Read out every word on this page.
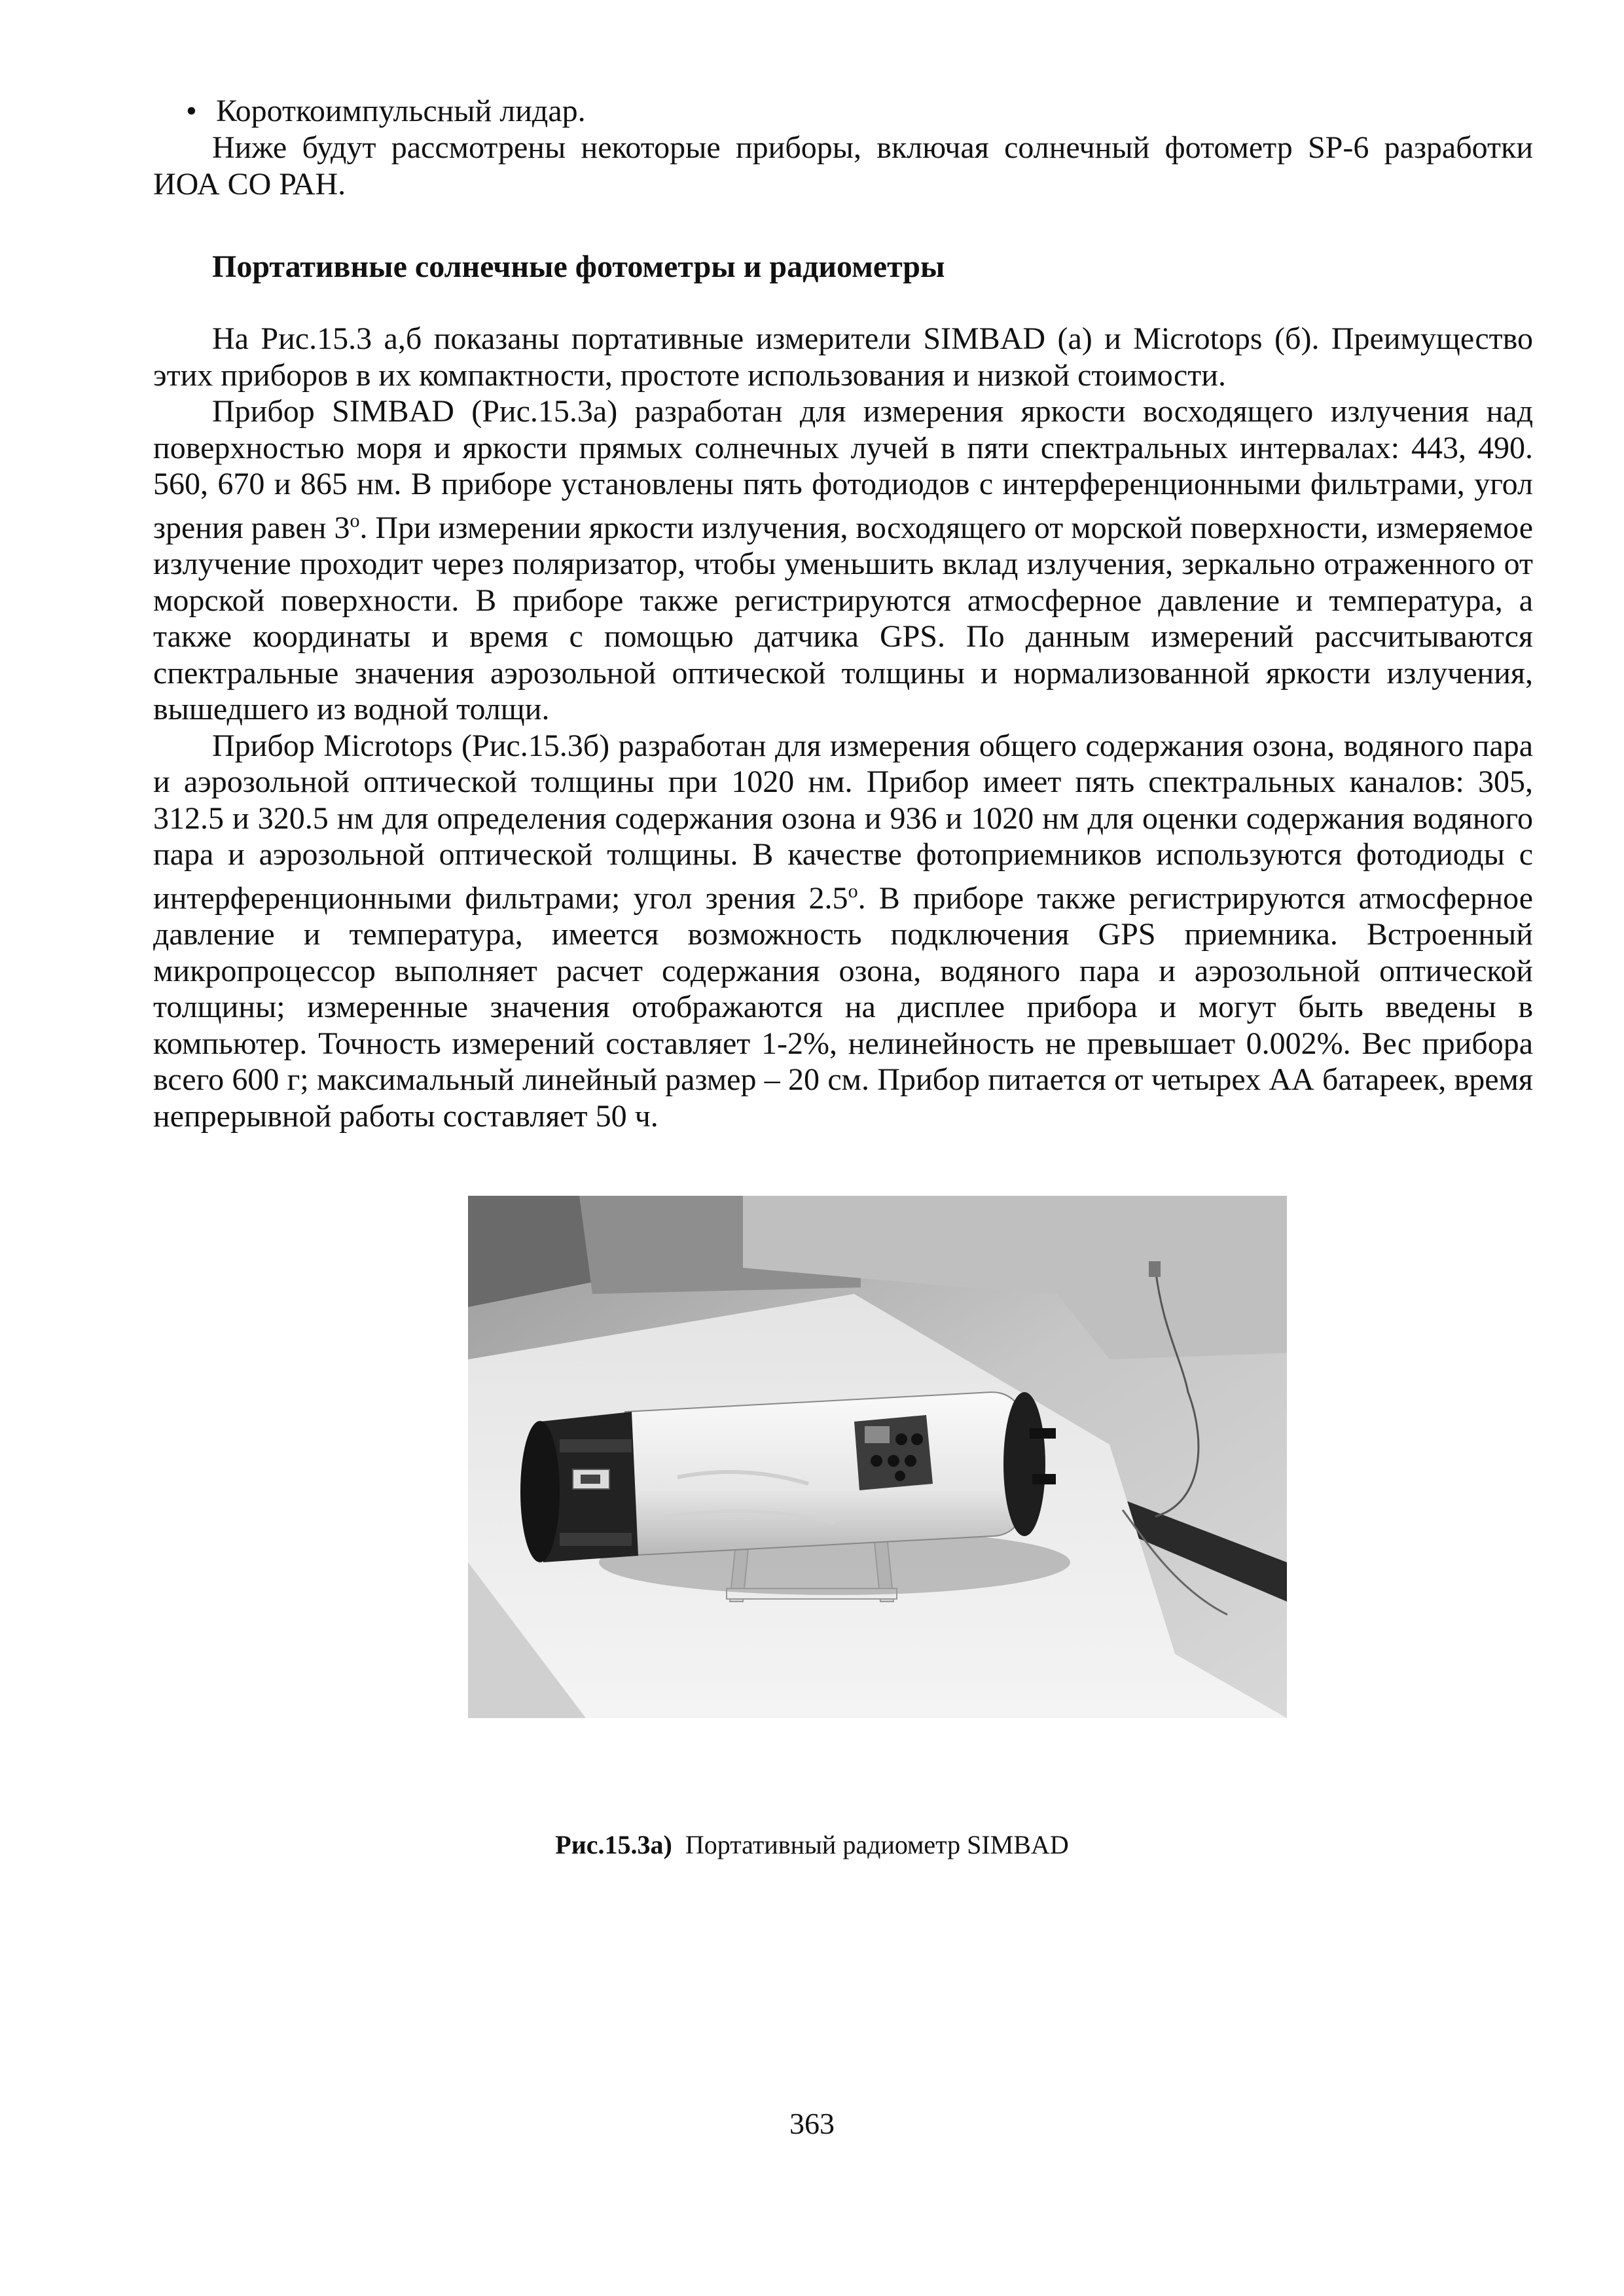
• Короткоимпульсный лидар.

Ниже будут рассмотрены некоторые приборы, включая солнечный фотометр SP-6 разработки ИОА СО РАН.

Портативные солнечные фотометры и радиометры

На Рис.15.3 а,б показаны портативные измерители SIMBAD (а) и Microtops (б). Преимущество этих приборов в их компактности, простоте использования и низкой стоимости.

Прибор SIMBAD (Рис.15.3а) разработан для измерения яркости восходящего излучения над поверхностью моря и яркости прямых солнечных лучей в пяти спектральных интервалах: 443, 490. 560, 670 и 865 нм. В приборе установлены пять фотодиодов с интерференционными фильтрами, угол зрения равен $3^о$. При измерении яркости излучения, восходящего от морской поверхности, измеряемое излучение проходит через поляризатор, чтобы уменьшить вклад излучения, зеркально отраженного от морской поверхности. В приборе также регистрируются атмосферное давление и температура, а также координаты и время с помощью датчика GPS. По данным измерений рассчитываются спектральные значения аэрозольной оптической толщины и нормализованной яркости излучения, вышедшего из водной толщи.

Прибор Microtops (Рис.15.3б) разработан для измерения общего содержания озона, водяного пара и аэрозольной оптической толщины при 1020 нм. Прибор имеет пять спектральных каналов: 305, 312.5 и 320.5 нм для определения содержания озона и 936 и 1020 нм для оценки содержания водяного пара и аэрозольной оптической толщины. В качестве фотоприемников используются фотодиоды с интерференционными фильтрами; угол зрения $2.5^о$. В приборе также регистрируются атмосферное давление и температура, имеется возможность подключения GPS приемника. Встроенный микропроцессор выполняет расчет содержания озона, водяного пара и аэрозольной оптической толщины; измеренные значения отображаются на дисплее прибора и могут быть введены в компьютер. Точность измерений составляет 1-2%, нелинейность не превышает 0.002%. Вес прибора всего 600 г; максимальный линейный размер – 20 см. Прибор питается от четырех АА батареек, время непрерывной работы составляет 50 ч.

Рис.15.3а) Портативный радиометр SIMBAD
363
